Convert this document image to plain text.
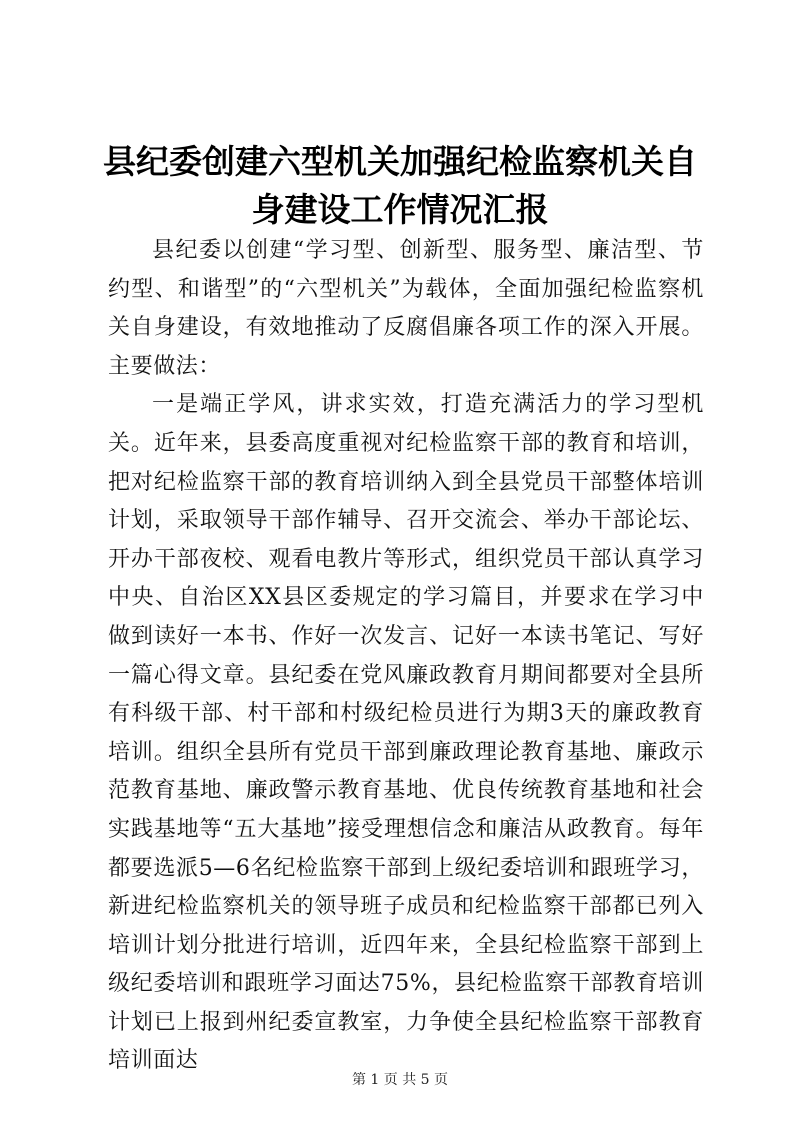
县纪委创建六型机关加强纪检监察机关自身建设工作情况汇报

县纪委以创建“学习型、创新型、服务型、廉洁型、节约型、和谐型”的“六型机关”为载体，全面加强纪检监察机关自身建设，有效地推动了反腐倡廉各项工作的深入开展。主要做法：

一是端正学风，讲求实效，打造充满活力的学习型机关。近年来，县委高度重视对纪检监察干部的教育和培训，把对纪检监察干部的教育培训纳入到全县党员干部整体培训计划，采取领导干部作辅导、召开交流会、举办干部论坛、开办干部夜校、观看电教片等形式，组织党员干部认真学习中央、自治区XX县区委规定的学习篇目，并要求在学习中做到读好一本书、作好一次发言、记好一本读书笔记、写好一篇心得文章。县纪委在党风廉政教育月期间都要对全县所有科级干部、村干部和村级纪检员进行为期3天的廉政教育培训。组织全县所有党员干部到廉政理论教育基地、廉政示范教育基地、廉政警示教育基地、优良传统教育基地和社会实践基地等“五大基地”接受理想信念和廉洁从政教育。每年都要选派5—6名纪检监察干部到上级纪委培训和跟班学习，新进纪检监察机关的领导班子成员和纪检监察干部都已列入培训计划分批进行培训，近四年来，全县纪检监察干部到上级纪委培训和跟班学习面达75%，县纪检监察干部教育培训计划已上报到州纪委宣教室，力争使全县纪检监察干部教育培训面达

第 1 页 共 5 页
